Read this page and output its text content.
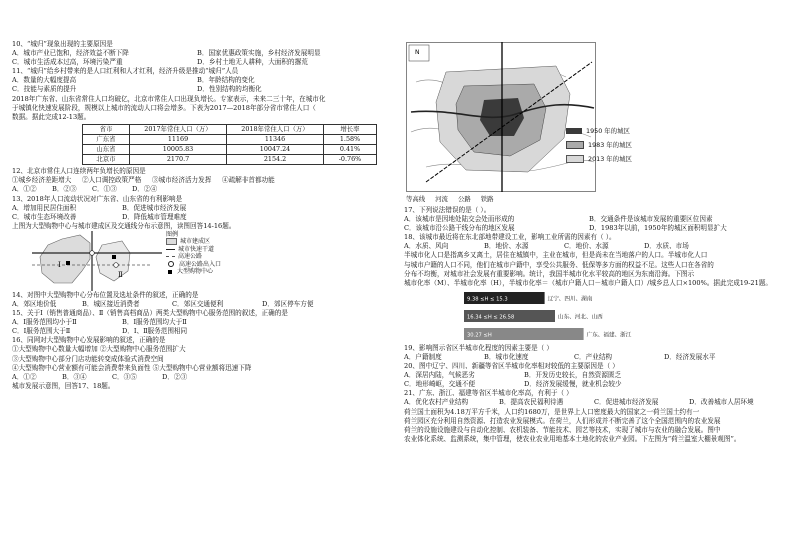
10、“城归”现象出现的主要原因是
A．城市产业已饱和，经济效益不断下降	B．国家优惠政策实施，乡村经济发展明显
C．城市生活成本过高，环境污染严重	D．乡村土地无人耕种，大面积的撂荒
11、“城归”给乡村带来的是人口红利和人才红利，经济升级是推动“城归”人员
A．数量的大幅度提高	B．年龄结构的变化
C．技能与素质的提升	D．性别结构的均衡化
2018年广东省、山东省常住人口均破亿，北京市常住人口出现负增长。专家表示，未来二三十年，在城市化
于城镇化快速发展阶段，规模以上城市的流动人口将会增多。下表为2017—2018年部分省市常住人口（
数据。据此完成12-13题。
省市	2017年常住人口（万）	2018年常住人口（万）	增长率
广东省	11169	11346	1.58%
山东省	10005.83	10047.24	0.41%
北京市	2170.7	2154.2	-0.76%
12、北京市常住人口连续两年负增长的原因是
①城乡经济差距增大	②人口调控政策严格	③城市经济活力发挥	④疏解非首都功能
A．①②	B．②③	C．①③	D．②④
13、2018年人口流动状况对广东省、山东省的有利影响是
A．增加用民居住面积	B．促进城市经济发展
C．城市生态环境改善	D．降低城市管理难度
上图为大型购物中心与城市建成区及交通线分布示意图，读图回答14-16题。
Ⅰ
Ⅱ
图例
城市建成区
城市快速干道
高速公路
高速公路出入口
大型购物中心
14、对图中大型购物中心分布位置及选址条件的叙述，正确的是
A．郊区地价低	B．城区接近消费者	C．郊区交通便利	D．郊区停车方便
15、关于Ⅰ（销售普通商品）、Ⅱ（销售高档商品）两类大型购物中心服务范围的叙述，正确的是
A．Ⅰ服务范围均小于Ⅱ	B．Ⅰ服务范围均大于Ⅱ
C．Ⅰ服务范围大于Ⅱ	D．Ⅰ、Ⅱ服务范围相同
16、同网对大型购物中心发展影响的叙述，正确的是
①大型购物中心数量大幅增加 ②大型购物中心服务范围扩大
③大型购物中心部分门店功能转变成体验式消费空间
④大型购物中心营业额有可能会消费带来负面性 ⑤大型购物中心营业额将迅速下降
A．①②	B．③④	C．③⑤	D．②③
城市发展示意图，回答17、18题。
N
1950 年的城区
1983 年的城区
2013 年的城区
等高线 河流 公路 铁路
17、下列说法错误的是（ ）。
A．该城市是因地处陆交会处而形成的	B．交通条件是该城市发展的重要区位因素
C．该城市沿公路干线分布的地区发展	D．1983年以前，1950年的城区面积明显扩大
18、该城市最近将在东北部地带建设工业，影响工业所需的因素有（ ）。
A．水质、风向	B．地价、水源	C．地价、水源	D．水质、市场
半城市化人口是指离乡又离土，居住在城镇中，主业在城市，但是尚未在当地落户的人口。半城市化人口
与城市户籍的人口不同，他们在城市户籍中，享受公共服务、低保等多方面的权益不足。这些人口在各省的
分布不均衡，对城市社会发展有重要影响。统计，我国半城市化水平较高的地区为东南沿海。下图示
城市化率（M）、半城市化率（H），半城市化率＝（城市户籍人口－城市户籍人口）/城乡总人口×100%。据此完成19-21题。
9.38 ≤H ≤ 15.3	辽宁、四川、湖南
16.34 ≤H ≤ 26.58	山东、河北、山西
30.27 ≤H	广东、福建、浙江
19、影响图示省区半城市化程度的因素主要是（ ）
A．户籍制度	B．城市化速度	C．产业结构	D．经济发展水平
20、图中辽宁、四川、新疆等省区半城市化率相对较低的主要原因是（ ）
A．深居内陆，气候恶劣	B．开发历史较长，自然资源匮乏
C．地形崎岖，交通不便	D．经济发展缓慢，就业机会较少
21、广东、浙江、福建等省区半城市化率高，有利于（ ）
A．优化农村产业结构	B．提高农民福利待遇	C．促进城市经济发展	D．改善城市人居环境
荷兰国土面积为4.18万平方千米，人口约1680万，是世界上人口密度最大的国家之一荷兰国土约有一
荷兰园区充分利用自然资源、打造农业发展模式。在荷兰，人们形成并不断完善了这个全国范围内的农业发展
荷兰的设施设施建设与自动化控制、农机装备、节能技术、园艺等技术，实现了城市与农业的融合发展。图中
农业体化系统、监测系统，集中管理，使农业农业用地基本土地化的农业产业园。下左图为“荷兰温室大棚景观图”。
